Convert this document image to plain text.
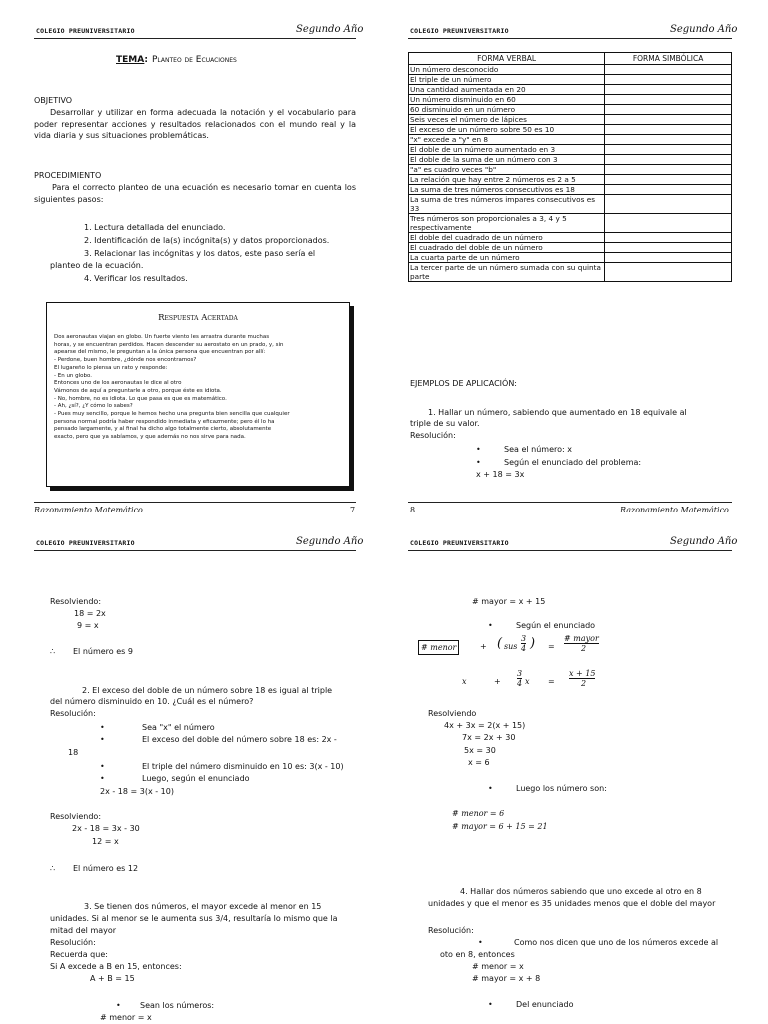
COLEGIO PREUNIVERSITARIO	Segundo Año
TEMA: Planteo de Ecuaciones
OBJETIVO
Desarrollar y utilizar en forma adecuada la notación y el vocabulario para poder representar acciones y resultados relacionados con el mundo real y la vida diaria y sus situaciones problemáticas.
PROCEDIMIENTO
Para el correcto planteo de una ecuación es necesario tomar en cuenta los siguientes pasos:
1. Lectura detallada del enunciado.
2. Identificación de la(s) incógnita(s) y datos proporcionados.
3. Relacionar las incógnitas y los datos, este paso sería el
planteo de la ecuación.
4. Verificar los resultados.
Respuesta Acertada
Dos aeronautas viajan en globo. Un fuerte viento les arrastra durante muchas
horas, y se encuentran perdidos. Hacen descender su aerostato en un prado, y, sin
apearse del mismo, le preguntan a la única persona que encuentran por allí:
- Perdone, buen hombre, ¿dónde nos encontramos?
El lugareño lo piensa un rato y responde:
- En un globo.
Entonces uno de los aeronautas le dice al otro
Vámonos de aquí a preguntarle a otro, porque éste es idiota.
- No, hombre, no es idiota. Lo que pasa es que es matemático.
- Ah, ¿sí?, ¿Y cómo lo sabes?
- Pues muy sencillo, porque le hemos hecho una pregunta bien sencilla que cualquier
persona normal podría haber respondido inmediata y eficazmente; pero él lo ha
pensado largamente, y al final ha dicho algo totalmente cierto, absolutamente
exacto, pero que ya sabíamos, y que además no nos sirve para nada.
Razonamiento Matemático	7
COLEGIO PREUNIVERSITARIO	Segundo Año
EJEMPLOS DE APLICACIÓN:
1. Hallar un número, sabiendo que aumentado en 18 equivale al
triple de su valor.
Resolución:
•	Sea el número: x
•	Según el enunciado del problema:
x + 18 = 3x
8	Razonamiento Matemático
FORMA VERBAL	FORMA SIMBÓLICA
Un número desconocido	
El triple de un número	
Una cantidad aumentada en 20	
Un número disminuido en 60	
60 disminuido en un número	
Seis veces el número de lápices	
El exceso de un número sobre 50 es 10	
"x" excede a "y" en 8	
El doble de un número aumentado en 3	
El doble de la suma de un número con 3	
"a" es cuadro veces "b"	
La relación que hay entre 2 números es 2 a 5	
La suma de tres números consecutivos es 18	
La suma de tres números impares consecutivos es 33	
Tres números son proporcionales a 3, 4 y 5 respectivamente	
El doble del cuadrado de un número	
El cuadrado del doble de un número	
La cuarta parte de un número	
La tercer parte de un número sumada con su quinta parte	
COLEGIO PREUNIVERSITARIO	Segundo Año
Resolviendo:
18 = 2x
9 = x
∴ El número es 9
2. El exceso del doble de un número sobre 18 es igual al triple
del número disminuido en 10. ¿Cuál es el número?
Resolución:
•	Sea "x" el número
•	El exceso del doble del número sobre 18 es: 2x -
18
•	El triple del número disminuido en 10 es: 3(x - 10)
•	Luego, según el enunciado
2x - 18 = 3(x - 10)
Resolviendo:
2x - 18 = 3x - 30
12 = x
∴ El número es 12
3. Se tienen dos números, el mayor excede al menor en 15
unidades. Si al menor se le aumenta sus 3/4, resultaría lo mismo que la
mitad del mayor
Resolución:
Recuerda que:
Si A excede a B en 15, entonces:
A + B = 15
• Sean los números:
# menor = x
COLEGIO PREUNIVERSITARIO	Segundo Año
# mayor = x + 15
•	Según el enunciado
# menor	+ ( sus
3
4 ) =
# mayor
2
x	+
3
4 x =
x + 15
2
Resolviendo
4x + 3x = 2(x + 15)
7x = 2x + 30
5x = 30
x = 6
•	Luego los número son:
# menor = 6
# mayor = 6 + 15 = 21
4. Hallar dos números sabiendo que uno excede al otro en 8
unidades y que el menor es 35 unidades menos que el doble del mayor
Resolución:
•	Como nos dicen que uno de los números excede al
oto en 8, entonces
# menor = x
# mayor = x + 8
•	Del enunciado
